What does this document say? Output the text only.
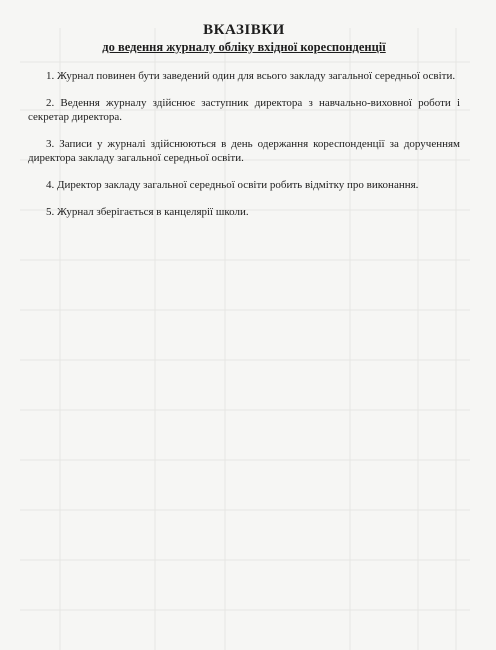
ВКАЗІВКИ

до ведення журналу обліку вхідної кореспонденції

1. Журнал повинен бути заведений один для всього закладу загальної середньої освіти.

2. Ведення журналу здійснює заступник директора з навчально-виховної роботи і секретар директора.

3. Записи у журналі здійснюються в день одержання кореспонденції за дорученням директора закладу загальної середньої освіти.

4. Директор закладу загальної середньої освіти робить відмітку про виконання.

5. Журнал зберігається в канцелярії школи.
